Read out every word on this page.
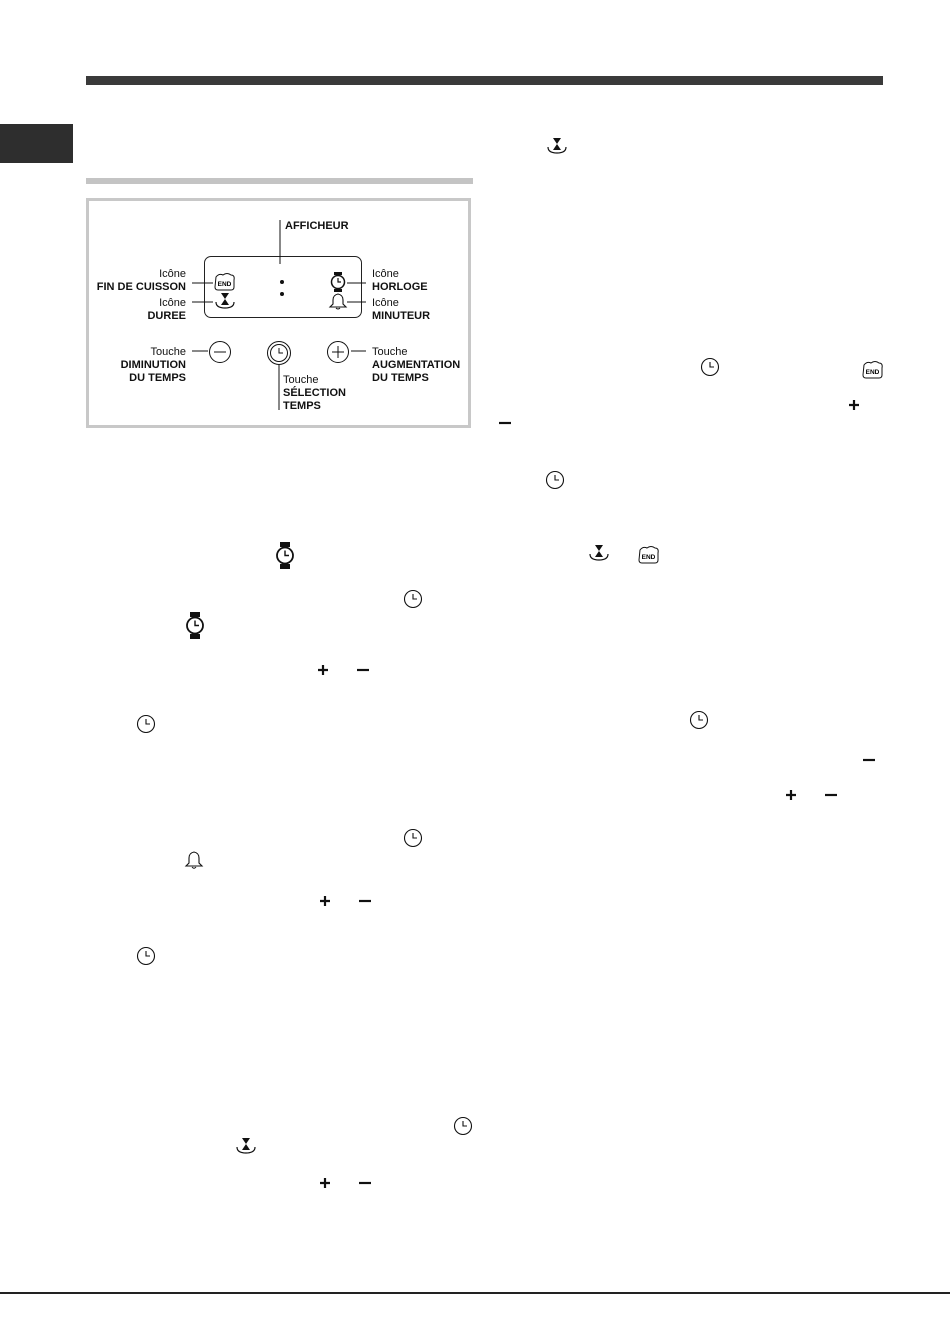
AFFICHEUR
Icône
FIN DE CUISSON
Icône
DUREE
Icône
HORLOGE
Icône
MINUTEUR
Touche
DIMINUTION
DU TEMPS
Touche
AUGMENTATION
DU TEMPS
Touche
SÉLECTION
TEMPS
END
END
END
